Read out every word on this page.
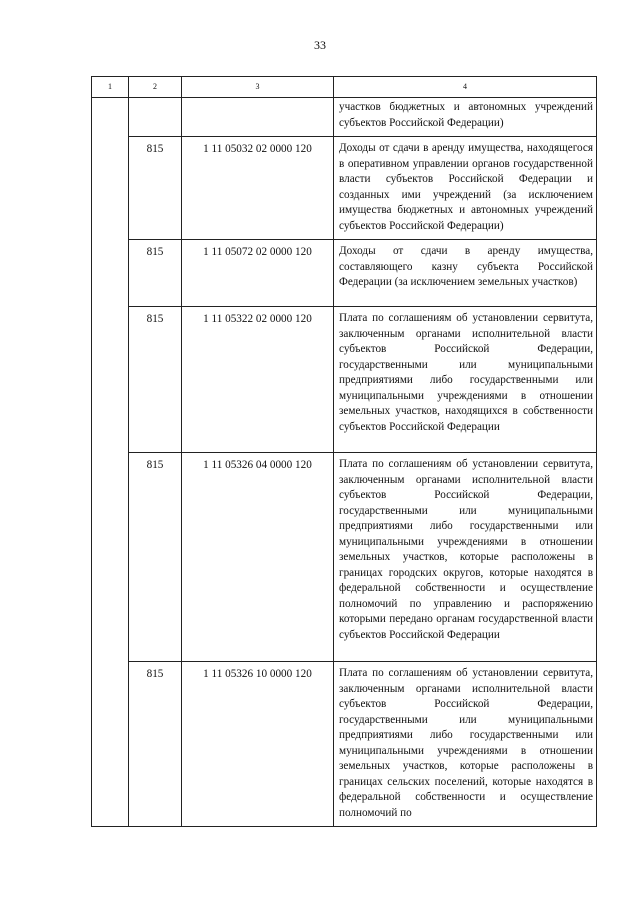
33
1	2	3	4
			участков бюджетных и автономных учреждений субъектов Российской Федерации)
	815	1 11 05032 02 0000 120	Доходы от сдачи в аренду имущества, находящегося в оперативном управлении органов государственной власти субъектов Российской Федерации и созданных ими учреждений (за исключением имущества бюджетных и автономных учреждений субъектов Российской Федерации)
	815	1 11 05072 02 0000 120	Доходы от сдачи в аренду имущества, составляющего казну субъекта Российской Федерации (за исключением земельных участков)
	815	1 11 05322 02 0000 120	Плата по соглашениям об установлении сервитута, заключенным органами исполнительной власти субъектов Российской Федерации, государственными или муниципальными предприятиями либо государственными или муниципальными учреждениями в отношении земельных участков, находящихся в собственности субъектов Российской Федерации
	815	1 11 05326 04 0000 120	Плата по соглашениям об установлении сервитута, заключенным органами исполнительной власти субъектов Российской Федерации, государственными или муниципальными предприятиями либо государственными или муниципальными учреждениями в отношении земельных участков, которые расположены в границах городских округов, которые находятся в федеральной собственности и осуществление полномочий по управлению и распоряжению которыми передано органам государственной власти субъектов Российской Федерации
	815	1 11 05326 10 0000 120	Плата по соглашениям об установлении сервитута, заключенным органами исполнительной власти субъектов Российской Федерации, государственными или муниципальными предприятиями либо государственными или муниципальными учреждениями в отношении земельных участков, которые расположены в границах сельских поселений, которые находятся в федеральной собственности и осуществление полномочий по
